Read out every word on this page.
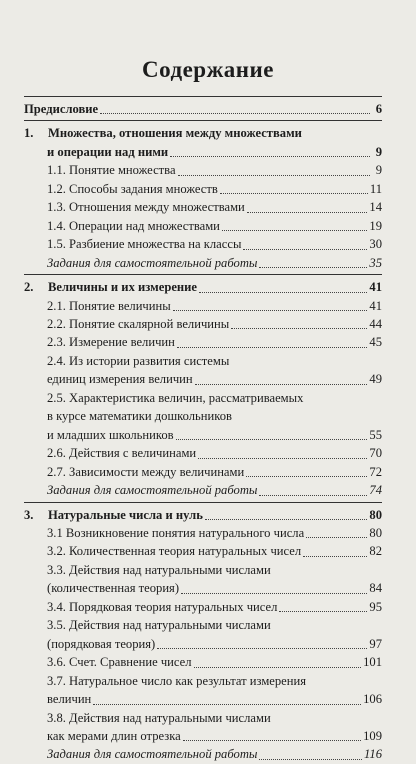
Содержание
Предисловие	6
1. Множества, отношения между множествами
и операции над ними	9
1.1. Понятие множества	9
1.2. Способы задания множеств	11
1.3. Отношения между множествами	14
1.4. Операции над множествами	19
1.5. Разбиение множества на классы	30
Задания для самостоятельной работы	35
2. Величины и их измерение	41
2.1. Понятие величины	41
2.2. Понятие скалярной величины	44
2.3. Измерение величин	45
2.4. Из истории развития системы
единиц измерения величин	49
2.5. Характеристика величин, рассматриваемых
в курсе математики дошкольников
и младших школьников	55
2.6. Действия с величинами	70
2.7. Зависимости между величинами	72
Задания для самостоятельной работы	74
3. Натуральные числа и нуль	80
3.1 Возникновение понятия натурального числа	80
3.2. Количественная теория натуральных чисел	82
3.3. Действия над натуральными числами
(количественная теория)	84
3.4. Порядковая теория натуральных чисел	95
3.5. Действия над натуральными числами
(порядковая теория)	97
3.6. Счет. Сравнение чисел	101
3.7. Натуральное число как результат измерения
величин	106
3.8. Действия над натуральными числами
как мерами длин отрезка	109
Задания для самостоятельной работы	116
